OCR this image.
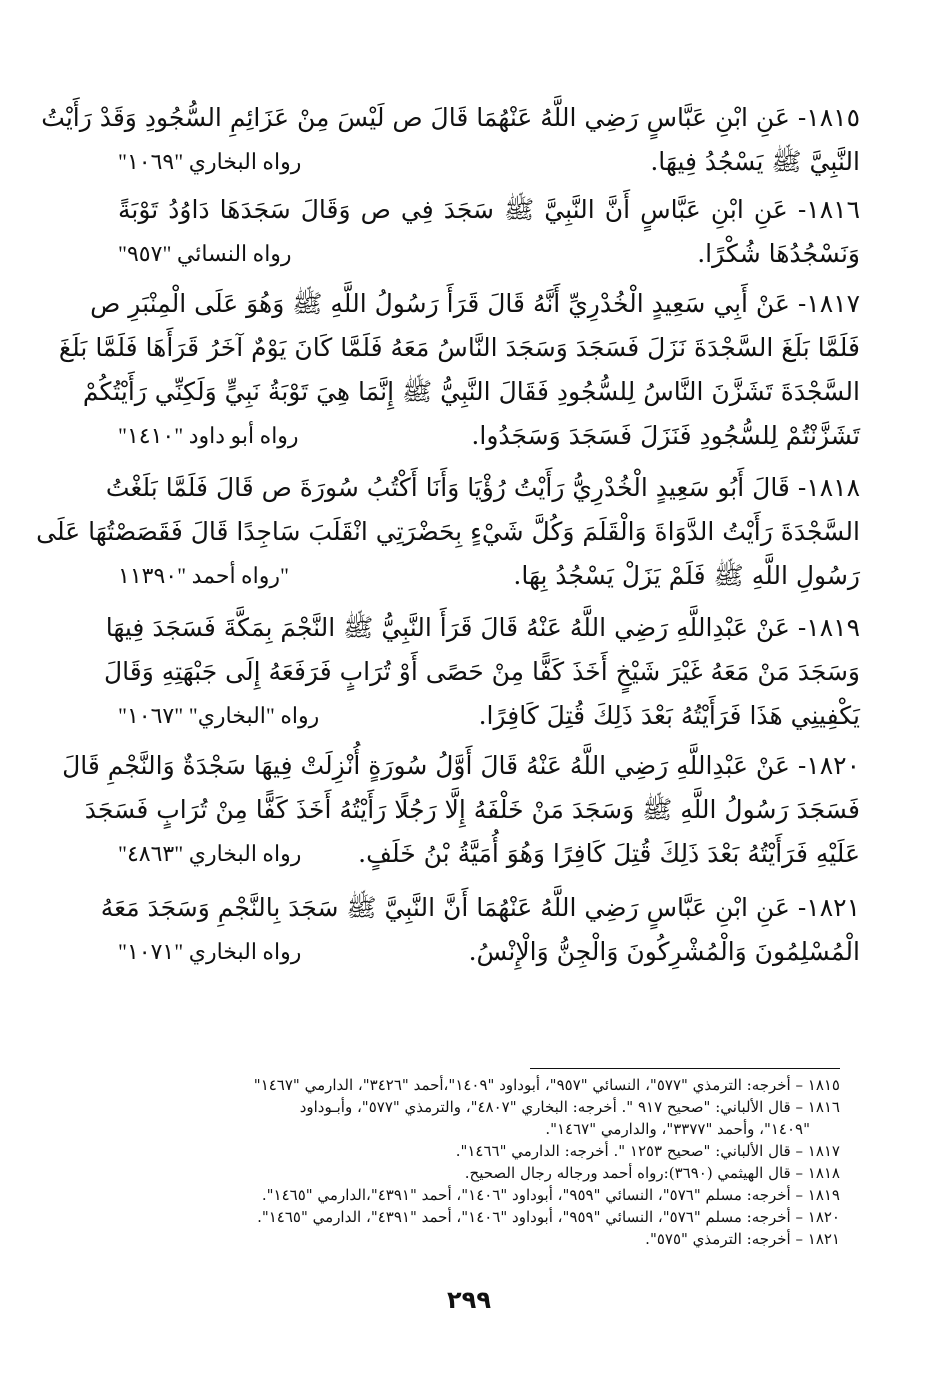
١٨١٥- عَنِ ابْنِ عَبَّاسٍ رَضِي اللَّهُ عَنْهُمَا قَالَ ص لَيْسَ مِنْ عَزَائِمِ السُّجُودِ وَقَدْ رَأَيْتُ
النَّبِيَّ ﷺ يَسْجُدُ فِيهَا.
رواه البخاري "١٠٦٩"
١٨١٦- عَنِ ابْنِ عَبَّاسٍ أَنَّ النَّبِيَّ ﷺ سَجَدَ فِي ص وَقَالَ سَجَدَهَا دَاوُدُ تَوْبَةً
وَنَسْجُدُهَا شُكْرًا.
رواه النسائي "٩٥٧"
١٨١٧- عَنْ أَبِي سَعِيدٍ الْخُدْرِيِّ أَنَّهُ قَالَ قَرَأَ رَسُولُ اللَّهِ ﷺ وَهُوَ عَلَى الْمِنْبَرِ ص
فَلَمَّا بَلَغَ السَّجْدَةَ نَزَلَ فَسَجَدَ وَسَجَدَ النَّاسُ مَعَهُ فَلَمَّا كَانَ يَوْمٌ آخَرُ قَرَأَهَا فَلَمَّا بَلَغَ
السَّجْدَةَ تَشَزَّنَ النَّاسُ لِلسُّجُودِ فَقَالَ النَّبِيُّ ﷺ إِنَّمَا هِيَ تَوْبَةُ نَبِيٍّ وَلَكِنِّي رَأَيْتُكُمْ
تَشَزَّنْتُمْ لِلسُّجُودِ فَنَزَلَ فَسَجَدَ وَسَجَدُوا.
رواه أبو داود "١٤١٠"
١٨١٨- قَالَ أَبُو سَعِيدٍ الْخُدْرِيُّ رَأَيْتُ رُؤْيَا وَأَنَا أَكْتُبُ سُورَةَ ص قَالَ فَلَمَّا بَلَغْتُ
السَّجْدَةَ رَأَيْتُ الدَّوَاةَ وَالْقَلَمَ وَكُلَّ شَيْءٍ بِحَضْرَتِي انْقَلَبَ سَاجِدًا قَالَ فَقَصَصْتُهَا عَلَى
رَسُولِ اللَّهِ ﷺ فَلَمْ يَزَلْ يَسْجُدُ بِهَا.
"رواه أحمد "١١٣٩٠
١٨١٩- عَنْ عَبْدِاللَّهِ رَضِي اللَّهُ عَنْهُ قَالَ قَرَأَ النَّبِيُّ ﷺ النَّجْمَ بِمَكَّةَ فَسَجَدَ فِيهَا
وَسَجَدَ مَنْ مَعَهُ غَيْرَ شَيْخٍ أَخَذَ كَفًّا مِنْ حَصًى أَوْ تُرَابٍ فَرَفَعَهُ إِلَى جَبْهَتِهِ وَقَالَ
يَكْفِينِي هَذَا فَرَأَيْتُهُ بَعْدَ ذَلِكَ قُتِلَ كَافِرًا.
رواه "البخاري" "١٠٦٧"
١٨٢٠- عَنْ عَبْدِاللَّهِ رَضِي اللَّهُ عَنْهُ قَالَ أَوَّلُ سُورَةٍ أُنْزِلَتْ فِيهَا سَجْدَةٌ وَالنَّجْمِ قَالَ
فَسَجَدَ رَسُولُ اللَّهِ ﷺ وَسَجَدَ مَنْ خَلْفَهُ إِلَّا رَجُلًا رَأَيْتُهُ أَخَذَ كَفًّا مِنْ تُرَابٍ فَسَجَدَ
عَلَيْهِ فَرَأَيْتُهُ بَعْدَ ذَلِكَ قُتِلَ كَافِرًا وَهُوَ أُمَيَّةُ بْنُ خَلَفٍ.
رواه البخاري "٤٨٦٣"
١٨٢١- عَنِ ابْنِ عَبَّاسٍ رَضِي اللَّهُ عَنْهُمَا أَنَّ النَّبِيَّ ﷺ سَجَدَ بِالنَّجْمِ وَسَجَدَ مَعَهُ
الْمُسْلِمُونَ وَالْمُشْرِكُونَ وَالْجِنُّ وَالْإِنْسُ.
رواه البخاري "١٠٧١"
١٨١٥ – أخرجه: الترمذي "٥٧٧"، النسائي "٩٥٧"، أبوداود "١٤٠٩"،أحمد "٣٤٢٦"، الدارمي "١٤٦٧"
١٨١٦ – قال الألباني: "صحيح ٩١٧ ". أخرجه: البخاري "٤٨٠٧"، والترمذي "٥٧٧"، وأبـوداود
"١٤٠٩"، وأحمد "٣٣٧٧"، والدارمي "١٤٦٧".
١٨١٧ – قال الألباني: "صحيح ١٢٥٣ ". أخرجه: الدارمي "١٤٦٦".
١٨١٨ – قال الهيثمي (٣٦٩٠):رواه أحمد ورجاله رجال الصحيح.
١٨١٩ – أخرجه: مسلم "٥٧٦"، النسائي "٩٥٩"، أبوداود "١٤٠٦"، أحمد "٤٣٩١"،الدارمي "١٤٦٥".
١٨٢٠ – أخرجه: مسلم "٥٧٦"، النسائي "٩٥٩"، أبوداود "١٤٠٦"، أحمد "٤٣٩١"، الدارمي "١٤٦٥".
١٨٢١ – أخرجه: الترمذي "٥٧٥".
٢٩٩
